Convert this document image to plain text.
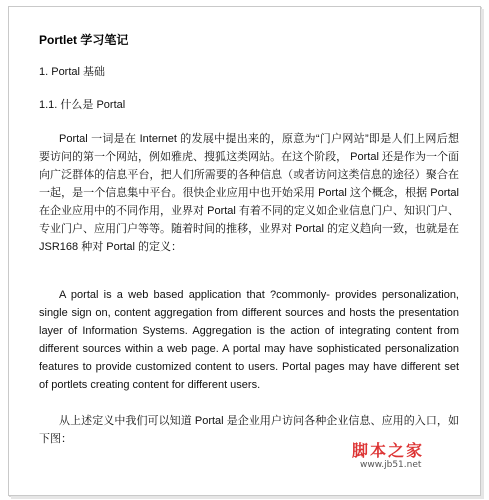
Portlet 学习笔记
1. Portal 基础
1.1. 什么是 Portal

Portal 一词是在 Internet 的发展中提出来的，原意为“门户网站”即是人们上网后想要访问的第一个网站，例如雅虎、搜狐这类网站。在这个阶段， Portal 还是作为一个面向广泛群体的信息平台，把人们所需要的各种信息（或者访问这类信息的途径）聚合在一起，是一个信息集中平台。很快企业应用中也开始采用 Portal 这个概念，根据 Portal 在企业应用中的不同作用，业界对 Portal 有着不同的定义如企业信息门户、知识门户、专业门户、应用门户等等。随着时间的推移，业界对 Portal 的定义趋向一致，也就是在 JSR168 种对 Portal 的定义：

A portal is a web based application that ?commonly- provides personalization, single sign on, content aggregation from different sources and hosts the presentation layer of Information Systems. Aggregation is the action of integrating content from different sources within a web page. A portal may have sophisticated personalization features to provide customized content to users. Portal pages may have different set of portlets creating content for different users.

从上述定义中我们可以知道 Portal 是企业用户访问各种企业信息、应用的入口，如下图：

脚本之家
www.jb51.net
